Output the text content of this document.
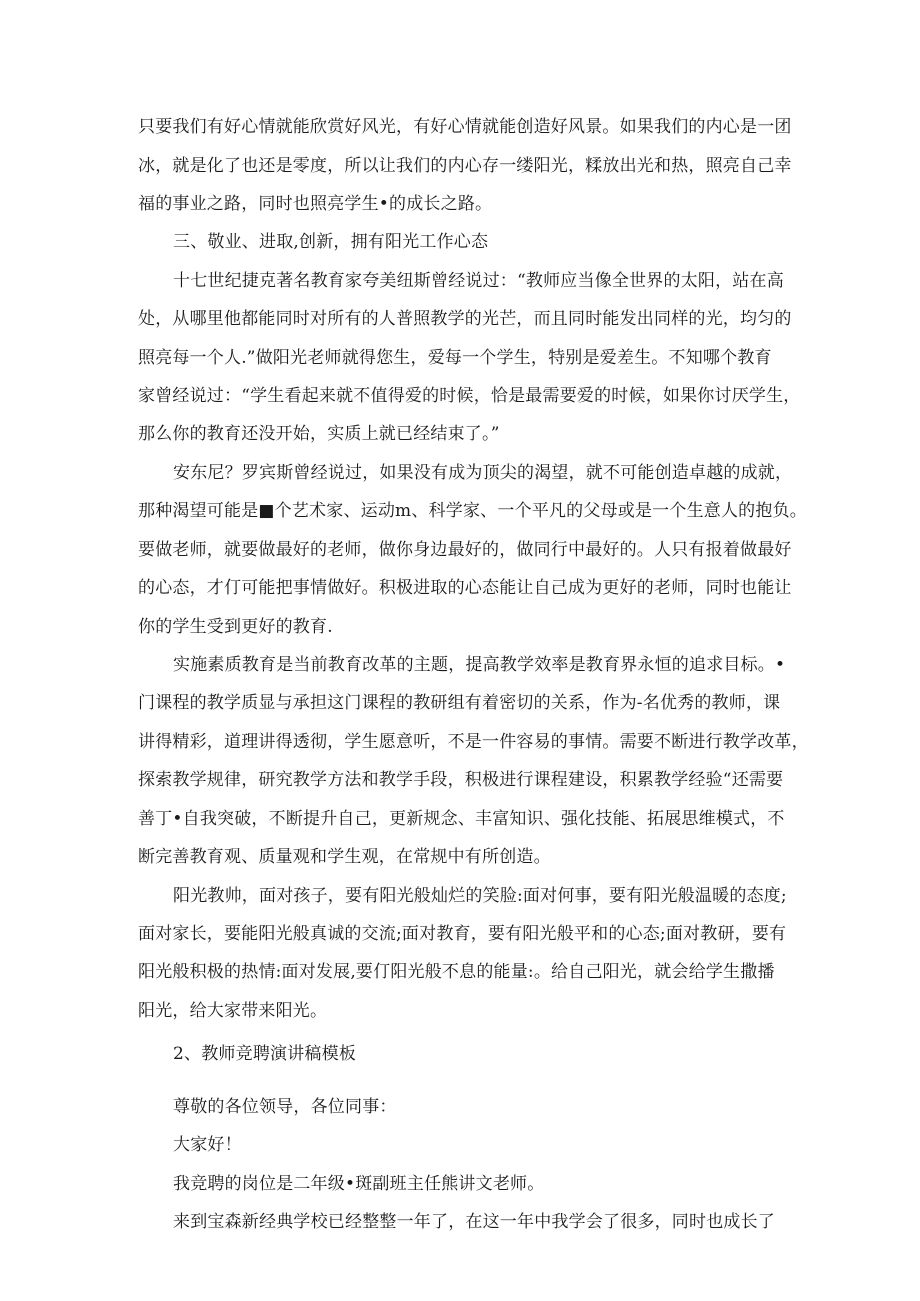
只要我们有好心情就能欣赏好风光，有好心情就能创造好风景。如果我们的内心是一团
冰，就是化了也还是零度，所以让我们的内心存一缕阳光，糅放出光和热，照亮自己幸
福的事业之路，同时也照亮学生•的成长之路。
三、敬业、进取,创新，拥有阳光工作心态
十七世纪捷克著名教育家夸美纽斯曾经说过：“教师应当像全世界的太阳，站在高
处，从哪里他都能同时对所有的人普照教学的光芒，而且同时能发出同样的光，均匀的
照亮每一个人.”做阳光老师就得您生，爱每一个学生，特别是爱差生。不知哪个教育
家曾经说过：“学生看起来就不值得爱的时候，恰是最需要爱的时候，如果你讨厌学生，
那么你的教育还没开始，实质上就已经结束了。”
安东尼？罗宾斯曾经说过，如果没有成为顶尖的渴望，就不可能创造卓越的成就，
那种渴望可能是■个艺术家、运动m、科学家、一个平凡的父母或是一个生意人的抱负。
要做老师，就要做最好的老师，做你身边最好的，做同行中最好的。人只有报着做最好
的心态，才仃可能把事情做好。积极进取的心态能让自己成为更好的老师，同时也能让
你的学生受到更好的教育.
实施素质教育是当前教育改革的主题，提高教学效率是教育界永恒的追求目标。•
门课程的教学质显与承担这门课程的教研组有着密切的关系，作为-名优秀的教师，课
讲得精彩，道理讲得透彻，学生愿意听，不是一件容易的事情。需要不断进行教学改革，
探索教学规律，研究教学方法和教学手段，积极进行课程建设，积累教学经验“还需要
善丁•自我突破，不断提升自己，更新规念、丰富知识、强化技能、拓展思维模式，不
断完善教育观、质量观和学生观，在常规中有所创造。
阳光教帅，面对孩子，要有阳光般灿烂的笑脸:面对何事，要有阳光般温暖的态度;
面对家长，要能阳光般真诚的交流;面对教育，要有阳光般平和的心态;面对教研，要有
阳光般积极的热情:面对发展,要仃阳光般不息的能量:。给自己阳光，就会给学生撒播
阳光，给大家带来阳光。
2、教师竞聘演讲稿模板
尊敬的各位领导，各位同事：
大家好！
我竞聘的岗位是二年级•斑副班主任熊讲文老师。
来到宝森新经典学校已经整整一年了，在这一年中我学会了很多，同时也成长了
